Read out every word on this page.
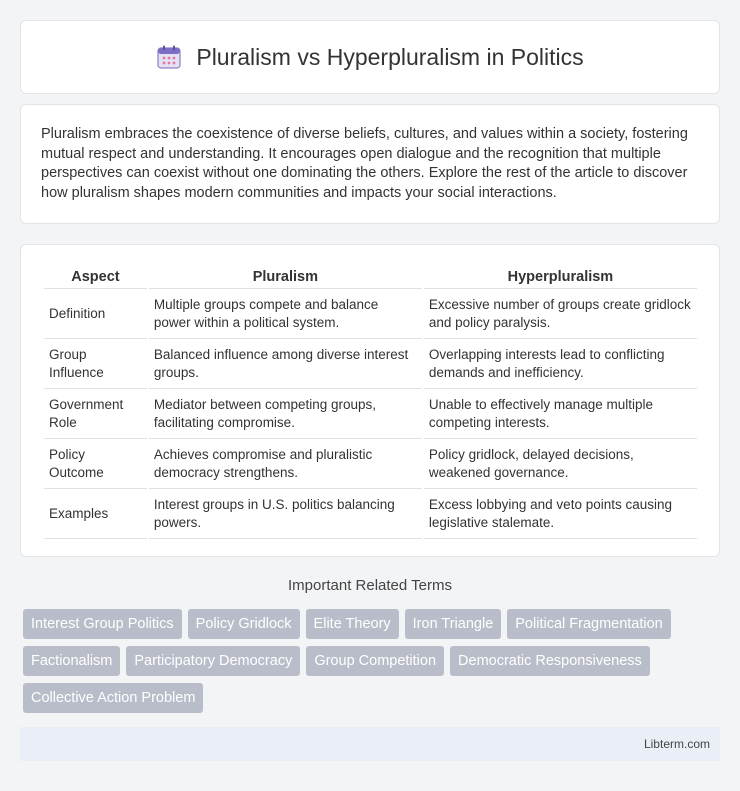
Pluralism vs Hyperpluralism in Politics

Pluralism embraces the coexistence of diverse beliefs, cultures, and values within a society, fostering mutual respect and understanding. It encourages open dialogue and the recognition that multiple perspectives can coexist without one dominating the others. Explore the rest of the article to discover how pluralism shapes modern communities and impacts your social interactions.

Aspect	Pluralism	Hyperpluralism
Definition	Multiple groups compete and balance power within a political system.	Excessive number of groups create gridlock and policy paralysis.
Group Influence	Balanced influence among diverse interest groups.	Overlapping interests lead to conflicting demands and inefficiency.
Government Role	Mediator between competing groups, facilitating compromise.	Unable to effectively manage multiple competing interests.
Policy Outcome	Achieves compromise and pluralistic democracy strengthens.	Policy gridlock, delayed decisions, weakened governance.
Examples	Interest groups in U.S. politics balancing powers.	Excess lobbying and veto points causing legislative stalemate.
Important Related Terms
Interest Group Politics	Policy Gridlock	Elite Theory	Iron Triangle	Political Fragmentation
Factionalism	Participatory Democracy	Group Competition	Democratic Responsiveness
Collective Action Problem
Libterm.com
